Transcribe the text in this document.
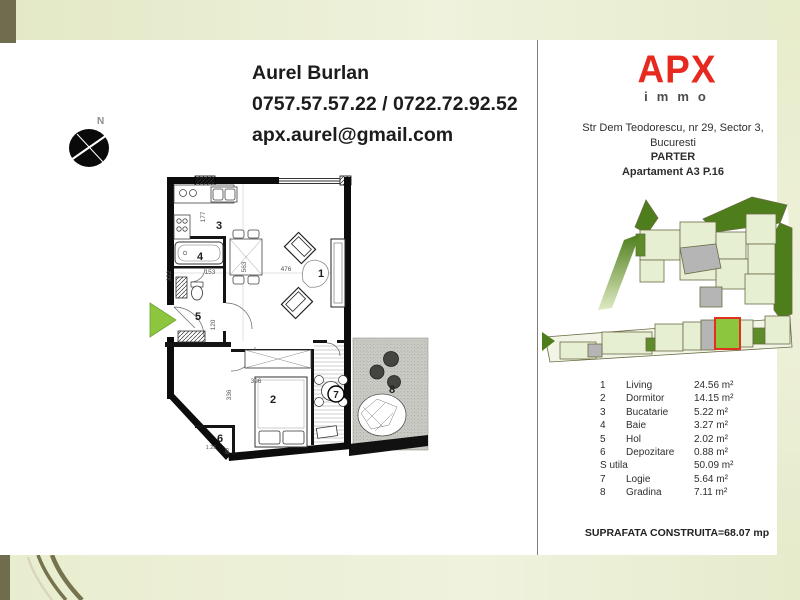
Aurel Burlan
0757.57.57.22 / 0722.72.92.52
apx.aurel@gmail.com
N
1
2
3
4
5
6
7	8
177
563	476
153
322
120
396
336
1.25 80
APX
immo
Str Dem Teodorescu, nr 29, Sector 3,
Bucuresti
PARTER
Apartament A3 P.16
1	Living	24.56 m²
2	Dormitor	14.15 m²
3	Bucatarie	5.22 m²
4	Baie	3.27 m²
5	Hol	2.02 m²
6	Depozitare	0.88 m²
S utila	50.09 m²
7	Logie	5.64 m²
8	Gradina	7.11 m²
SUPRAFATA CONSTRUITA=68.07 mp
